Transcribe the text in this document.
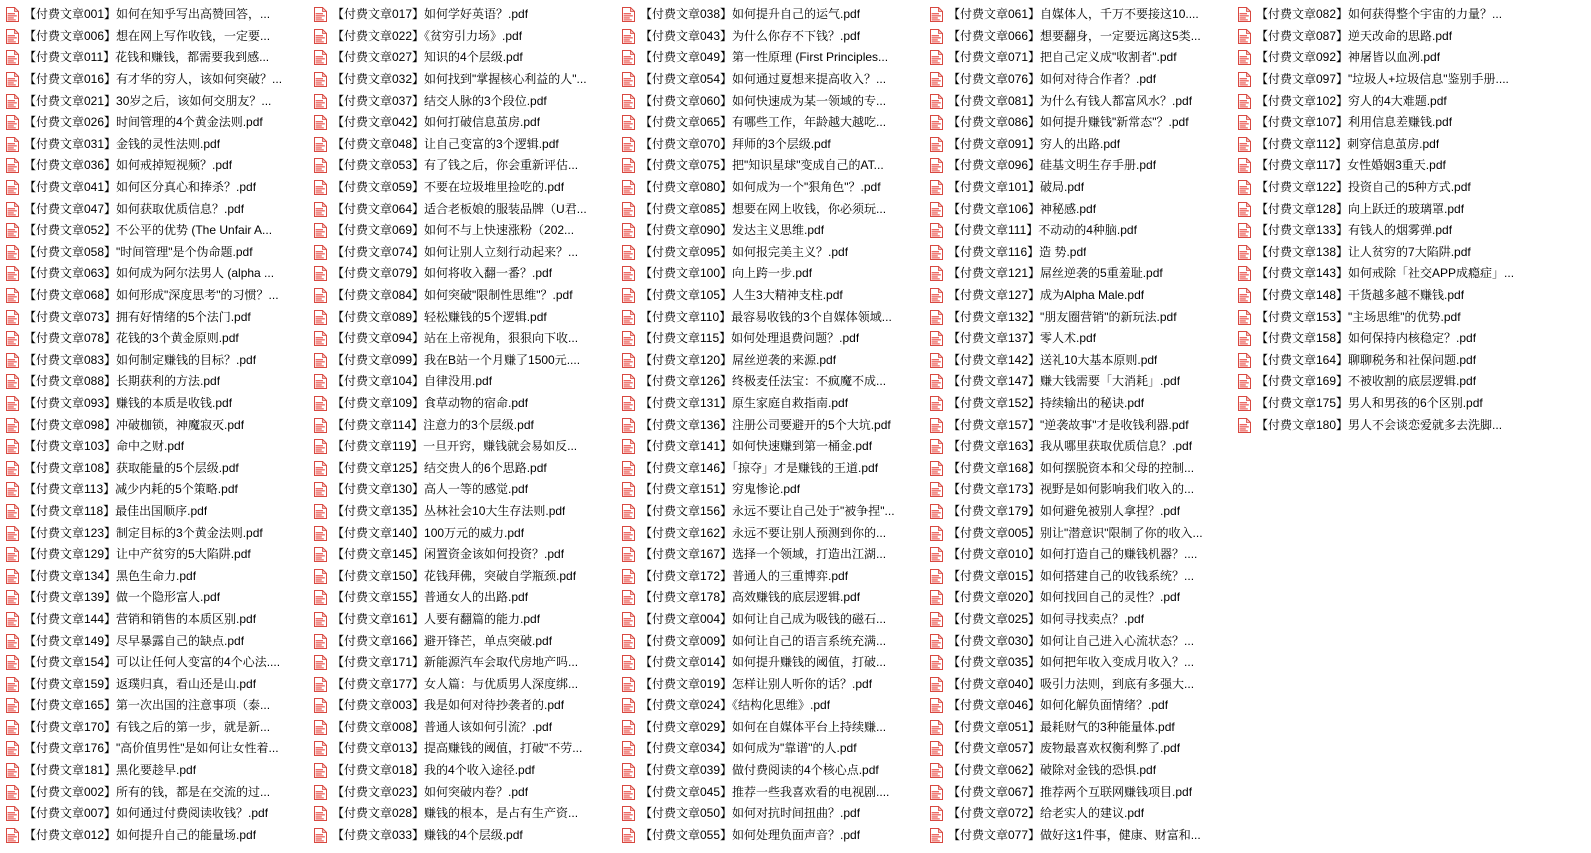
【付费文章001】如何在知乎写出高赞回答，...
【付费文章006】想在网上写作收钱，一定要...
【付费文章011】花钱和赚钱，都需要我到感...
【付费文章016】有才华的穷人，该如何突破？...
【付费文章021】30岁之后，该如何交朋友？...
【付费文章026】时间管理的4个黄金法则.pdf
【付费文章031】金钱的灵性法则.pdf
【付费文章036】如何戒掉短视频？.pdf
【付费文章041】如何区分真心和捧杀？.pdf
【付费文章047】如何获取优质信息？.pdf
【付费文章052】不公平的优势 (The Unfair A...
【付费文章058】"时间管理"是个伪命题.pdf
【付费文章063】如何成为阿尔法男人 (alpha ...
【付费文章068】如何形成"深度思考"的习惯？...
【付费文章073】拥有好情绪的5个法门.pdf
【付费文章078】花钱的3个黄金原则.pdf
【付费文章083】如何制定赚钱的目标？.pdf
【付费文章088】长期获利的方法.pdf
【付费文章093】赚钱的本质是收钱.pdf
【付费文章098】冲破枷锁，神魔寂灭.pdf
【付费文章103】命中之财.pdf
【付费文章108】获取能量的5个层级.pdf
【付费文章113】减少内耗的5个策略.pdf
【付费文章118】最佳出国顺序.pdf
【付费文章123】制定目标的3个黄金法则.pdf
【付费文章129】让中产贫穷的5大陷阱.pdf
【付费文章134】黑色生命力.pdf
【付费文章139】做一个隐形富人.pdf
【付费文章144】营销和销售的本质区别.pdf
【付费文章149】尽早暴露自己的缺点.pdf
【付费文章154】可以让任何人变富的4个心法....
【付费文章159】返璞归真，看山还是山.pdf
【付费文章165】第一次出国的注意事项（泰...
【付费文章170】有钱之后的第一步，就是新...
【付费文章176】"高价值男性"是如何让女性着...
【付费文章181】黑化要趁早.pdf
【付费文章002】所有的钱，都是在交流的过...
【付费文章007】如何通过付费阅读收钱？.pdf
【付费文章012】如何提升自己的能量场.pdf
【付费文章017】如何学好英语？.pdf
【付费文章022】《贫穷引力场》.pdf
【付费文章027】知识的4个层级.pdf
【付费文章032】如何找到"掌握核心利益的人"...
【付费文章037】结交人脉的3个段位.pdf
【付费文章042】如何打破信息茧房.pdf
【付费文章048】让自己变富的3个逻辑.pdf
【付费文章053】有了钱之后，你会重新评估...
【付费文章059】不要在垃圾堆里捡吃的.pdf
【付费文章064】适合老板娘的服装品牌（U君...
【付费文章069】如何不与上快速涨粉（202...
【付费文章074】如何让别人立刻行动起来？...
【付费文章079】如何将收入翻一番？.pdf
【付费文章084】如何突破"限制性思维"？.pdf
【付费文章089】轻松赚钱的5个逻辑.pdf
【付费文章094】站在上帝视角，狠狠向下收...
【付费文章099】我在B站一个月赚了1500元....
【付费文章104】自律没用.pdf
【付费文章109】食草动物的宿命.pdf
【付费文章114】注意力的3个层级.pdf
【付费文章119】一旦开窍，赚钱就会易如反...
【付费文章125】结交贵人的6个思路.pdf
【付费文章130】高人一等的感觉.pdf
【付费文章135】丛林社会10大生存法则.pdf
【付费文章140】100万元的威力.pdf
【付费文章145】闲置资金该如何投资？.pdf
【付费文章150】花钱拜佛，突破自学瓶颈.pdf
【付费文章155】普通女人的出路.pdf
【付费文章161】人要有翻篇的能力.pdf
【付费文章166】避开锋芒，单点突破.pdf
【付费文章171】新能源汽车会取代房地产吗...
【付费文章177】女人篇：与优质男人深度绑...
【付费文章003】我是如何对待抄袭者的.pdf
【付费文章008】普通人该如何引流？.pdf
【付费文章013】提高赚钱的阈值，打破"不劳...
【付费文章018】我的4个收入途径.pdf
【付费文章023】如何突破内卷？.pdf
【付费文章028】赚钱的根本，是占有生产资...
【付费文章033】赚钱的4个层级.pdf
【付费文章038】如何提升自己的运气.pdf
【付费文章043】为什么你存不下钱？.pdf
【付费文章049】第一性原理 (First Principles...
【付费文章054】如何通过夏想来提高收入？...
【付费文章060】如何快速成为某一领域的专...
【付费文章065】有哪些工作，年龄越大越吃...
【付费文章070】拜师的3个层级.pdf
【付费文章075】把"知识星球"变成自己的AT...
【付费文章080】如何成为一个"狠角色"？.pdf
【付费文章085】想要在网上收钱，你必须玩...
【付费文章090】发达主义思维.pdf
【付费文章095】如何报完美主义？.pdf
【付费文章100】向上跨一步.pdf
【付费文章105】人生3大精神支柱.pdf
【付费文章110】最容易收钱的3个自媒体领域...
【付费文章115】如何处理退费问题？.pdf
【付费文章120】屌丝逆袭的来源.pdf
【付费文章126】终极麦任法宝：不疯魔不成...
【付费文章131】原生家庭自救指南.pdf
【付费文章136】注册公司要避开的5个大坑.pdf
【付费文章141】如何快速赚到第一桶金.pdf
【付费文章146】「掠夺」才是赚钱的王道.pdf
【付费文章151】穷鬼惨论.pdf
【付费文章156】永远不要让自己处于"被争捏"...
【付费文章162】永远不要让别人预测到你的...
【付费文章167】选择一个领域，打造出江湖...
【付费文章172】普通人的三重博弈.pdf
【付费文章178】高效赚钱的底层逻辑.pdf
【付费文章004】如何让自己成为吸钱的磁石...
【付费文章009】如何让自己的语言系统充满...
【付费文章014】如何提升赚钱的阈值，打破...
【付费文章019】怎样让别人听你的话？.pdf
【付费文章024】《结构化思维》.pdf
【付费文章029】如何在自媒体平台上持续赚...
【付费文章034】如何成为"靠谱"的人.pdf
【付费文章039】做付费阅读的4个核心点.pdf
【付费文章045】推荐一些我喜欢看的电视剧....
【付费文章050】如何对抗时间扭曲？.pdf
【付费文章055】如何处理负面声音？.pdf
【付费文章061】自媒体人，千万不要接这10....
【付费文章066】想要翻身，一定要远离这5类...
【付费文章071】把自己定义成"收割者".pdf
【付费文章076】如何对待合作者？.pdf
【付费文章081】为什么有钱人都富风水？.pdf
【付费文章086】如何提升赚钱"新常态"？.pdf
【付费文章091】穷人的出路.pdf
【付费文章096】硅基文明生存手册.pdf
【付费文章101】破局.pdf
【付费文章106】神秘感.pdf
【付费文章111】不动动的4种脑.pdf
【付费文章116】造 势.pdf
【付费文章121】屌丝逆袭的5重羞耻.pdf
【付费文章127】成为Alpha Male.pdf
【付费文章132】"朋友圈营销"的新玩法.pdf
【付费文章137】零人术.pdf
【付费文章142】送礼10大基本原则.pdf
【付费文章147】赚大钱需要「大消耗」.pdf
【付费文章152】持续输出的秘诀.pdf
【付费文章157】"逆袭故事"才是收钱利器.pdf
【付费文章163】我从哪里获取优质信息？.pdf
【付费文章168】如何摆脱资本和父母的控制...
【付费文章173】视野是如何影响我们收入的...
【付费文章179】如何避免被别人拿捏？.pdf
【付费文章005】别让"潜意识"限制了你的收入...
【付费文章010】如何打造自己的赚钱机器？....
【付费文章015】如何搭建自己的收钱系统？...
【付费文章020】如何找回自己的灵性？.pdf
【付费文章025】如何寻找卖点？.pdf
【付费文章030】如何让自己进入心流状态？...
【付费文章035】如何把年收入变成月收入？...
【付费文章040】吸引力法则，到底有多强大...
【付费文章046】如何化解负面情绪？.pdf
【付费文章051】最耗财气的3种能量体.pdf
【付费文章057】废物最喜欢权衡利弊了.pdf
【付费文章062】破除对金钱的恐惧.pdf
【付费文章067】推荐两个互联网赚钱项目.pdf
【付费文章072】给老实人的建议.pdf
【付费文章077】做好这1件事，健康、财富和...
【付费文章082】如何获得整个宇宙的力量？...
【付费文章087】逆天改命的思路.pdf
【付费文章092】神屠皆以血冽.pdf
【付费文章097】"垃圾人+垃圾信息"鉴别手册....
【付费文章102】穷人的4大难题.pdf
【付费文章107】利用信息差赚钱.pdf
【付费文章112】刺穿信息茧房.pdf
【付费文章117】女性婚姻3重天.pdf
【付费文章122】投资自己的5种方式.pdf
【付费文章128】向上跃迁的玻璃罩.pdf
【付费文章133】有钱人的烟雾弹.pdf
【付费文章138】让人贫穷的7大陷阱.pdf
【付费文章143】如何戒除「社交APP成瘾症」...
【付费文章148】干货越多越不赚钱.pdf
【付费文章153】"主场思维"的优势.pdf
【付费文章158】如何保持内核稳定？.pdf
【付费文章164】聊聊税务和社保问题.pdf
【付费文章169】不被收割的底层逻辑.pdf
【付费文章175】男人和男孩的6个区别.pdf
【付费文章180】男人不会谈恋爱就多去洗脚...
